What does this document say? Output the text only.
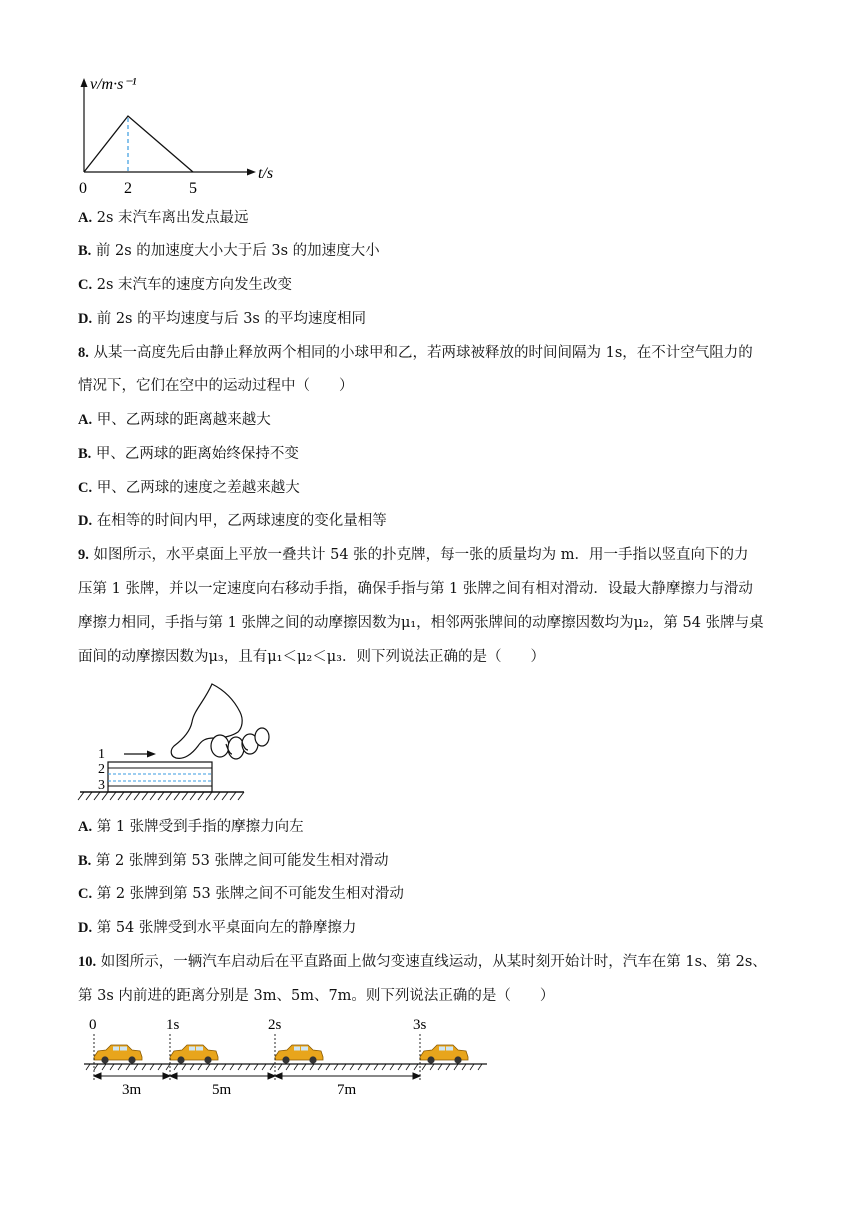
v/m·s⁻¹
t/s
0 2	5
A. 2s 末汽车离出发点最远
B. 前 2s 的加速度大小大于后 3s 的加速度大小
C. 2s 末汽车的速度方向发生改变
D. 前 2s 的平均速度与后 3s 的平均速度相同
8. 从某一高度先后由静止释放两个相同的小球甲和乙，若两球被释放的时间间隔为 1s，在不计空气阻力的
情况下，它们在空中的运动过程中（　　）
A. 甲、乙两球的距离越来越大
B. 甲、乙两球的距离始终保持不变
C. 甲、乙两球的速度之差越来越大
D. 在相等的时间内甲，乙两球速度的变化量相等
9. 如图所示，水平桌面上平放一叠共计 54 张的扑克牌，每一张的质量均为 m．用一手指以竖直向下的力
压第 1 张牌，并以一定速度向右移动手指，确保手指与第 1 张牌之间有相对滑动．设最大静摩擦力与滑动
摩擦力相同，手指与第 1 张牌之间的动摩擦因数为μ₁，相邻两张牌间的动摩擦因数均为μ₂，第 54 张牌与桌
面间的动摩擦因数为μ₃，且有μ₁＜μ₂＜μ₃．则下列说法正确的是（　　）
1
2
3
A. 第 1 张牌受到手指的摩擦力向左
B. 第 2 张牌到第 53 张牌之间可能发生相对滑动
C. 第 2 张牌到第 53 张牌之间不可能发生相对滑动
D. 第 54 张牌受到水平桌面向左的静摩擦力
10. 如图所示，一辆汽车启动后在平直路面上做匀变速直线运动，从某时刻开始计时，汽车在第 1s、第 2s、
第 3s 内前进的距离分别是 3m、5m、7m。则下列说法正确的是（　　）
0	1s	2s	3s
3m	5m	7m
